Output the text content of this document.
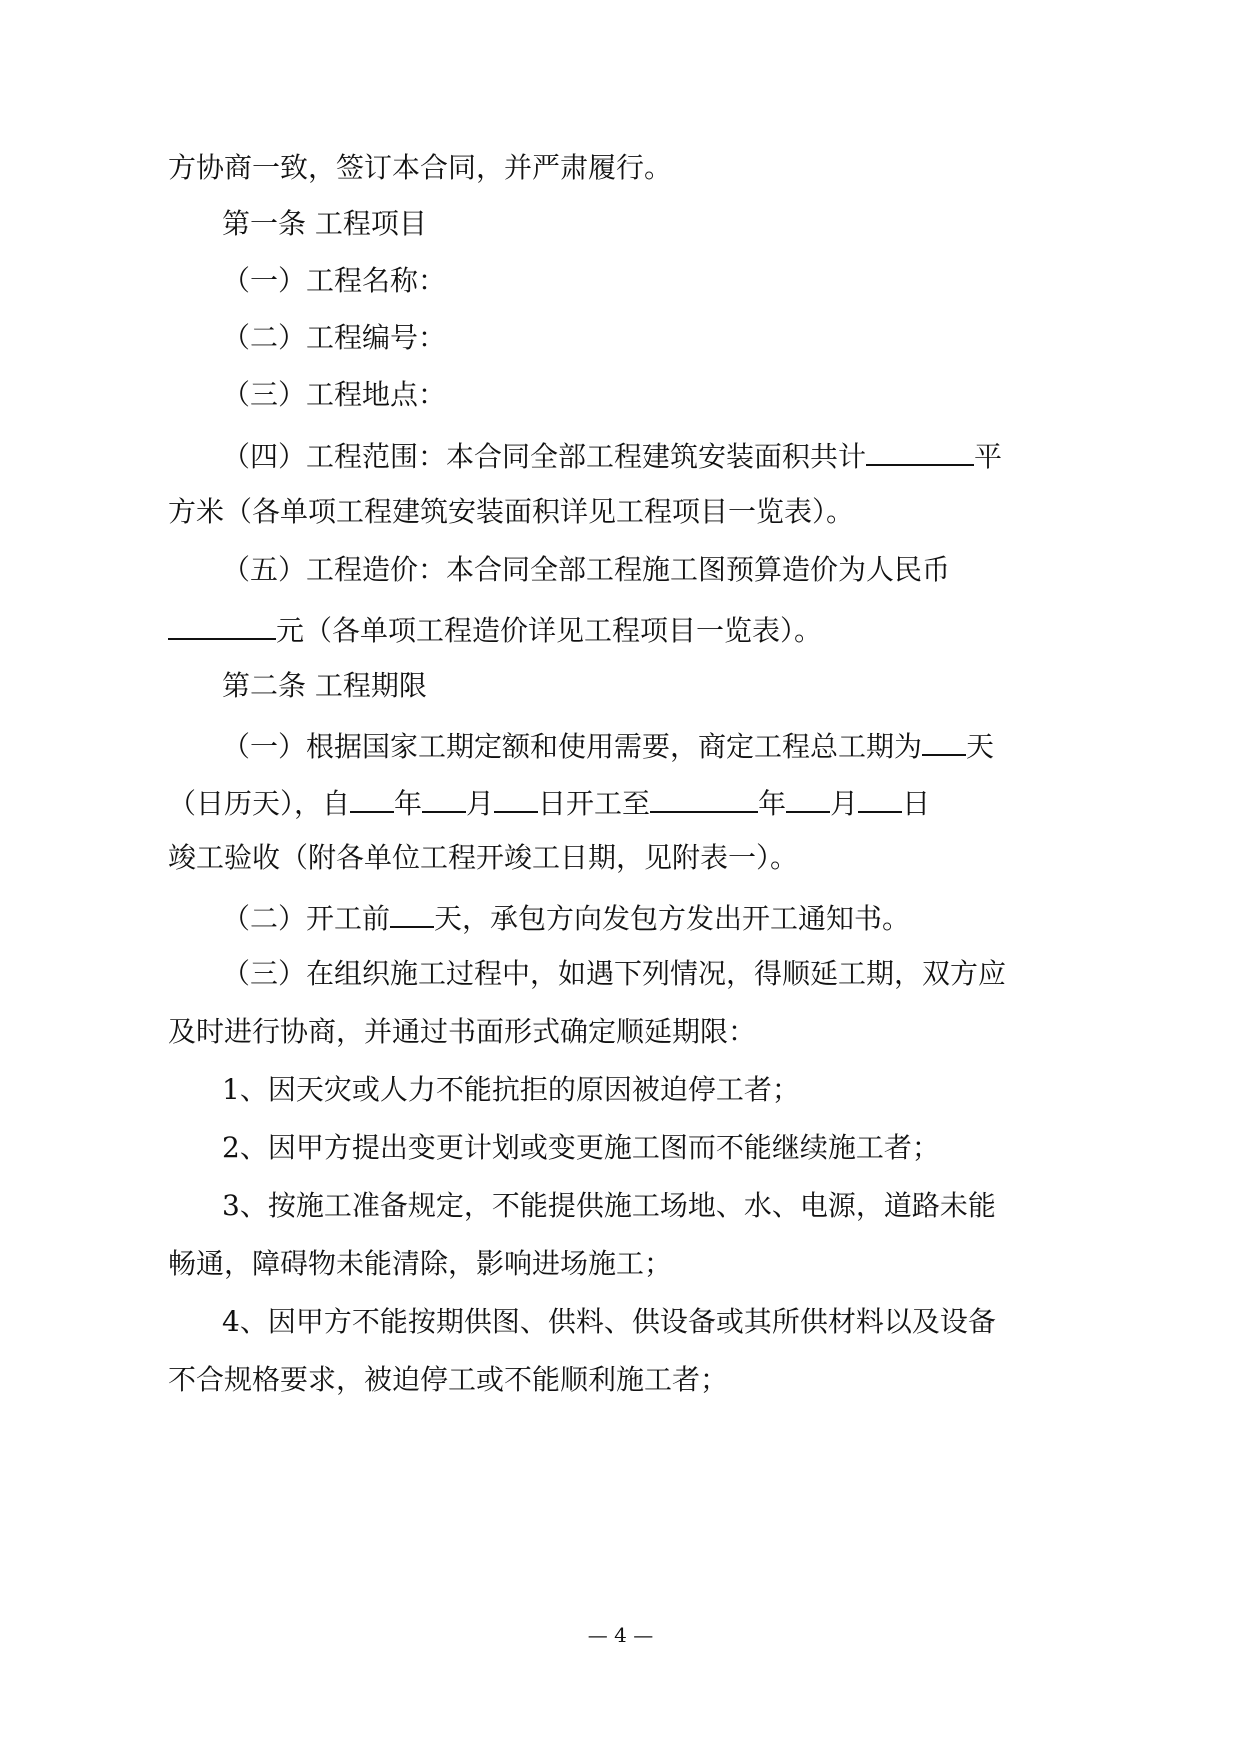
方协商一致，签订本合同，并严肃履行。
第一条 工程项目
（一）工程名称：
（二）工程编号：
（三）工程地点：
（四）工程范围：本合同全部工程建筑安装面积共计	平
方米（各单项工程建筑安装面积详见工程项目一览表）。
（五）工程造价：本合同全部工程施工图预算造价为人民币
元（各单项工程造价详见工程项目一览表）。
第二条 工程期限
（一）根据国家工期定额和使用需要，商定工程总工期为 天
（日历天），自 年 月 日开工至	年 月 日
竣工验收（附各单位工程开竣工日期，见附表一）。
（二）开工前 天，承包方向发包方发出开工通知书。
（三）在组织施工过程中，如遇下列情况，得顺延工期，双方应
及时进行协商，并通过书面形式确定顺延期限：
1、因天灾或人力不能抗拒的原因被迫停工者；
2、因甲方提出变更计划或变更施工图而不能继续施工者；
3、按施工准备规定，不能提供施工场地、水、电源，道路未能
畅通，障碍物未能清除，影响进场施工；
4、因甲方不能按期供图、供料、供设备或其所供材料以及设备
不合规格要求，被迫停工或不能顺利施工者；
— 4 —
